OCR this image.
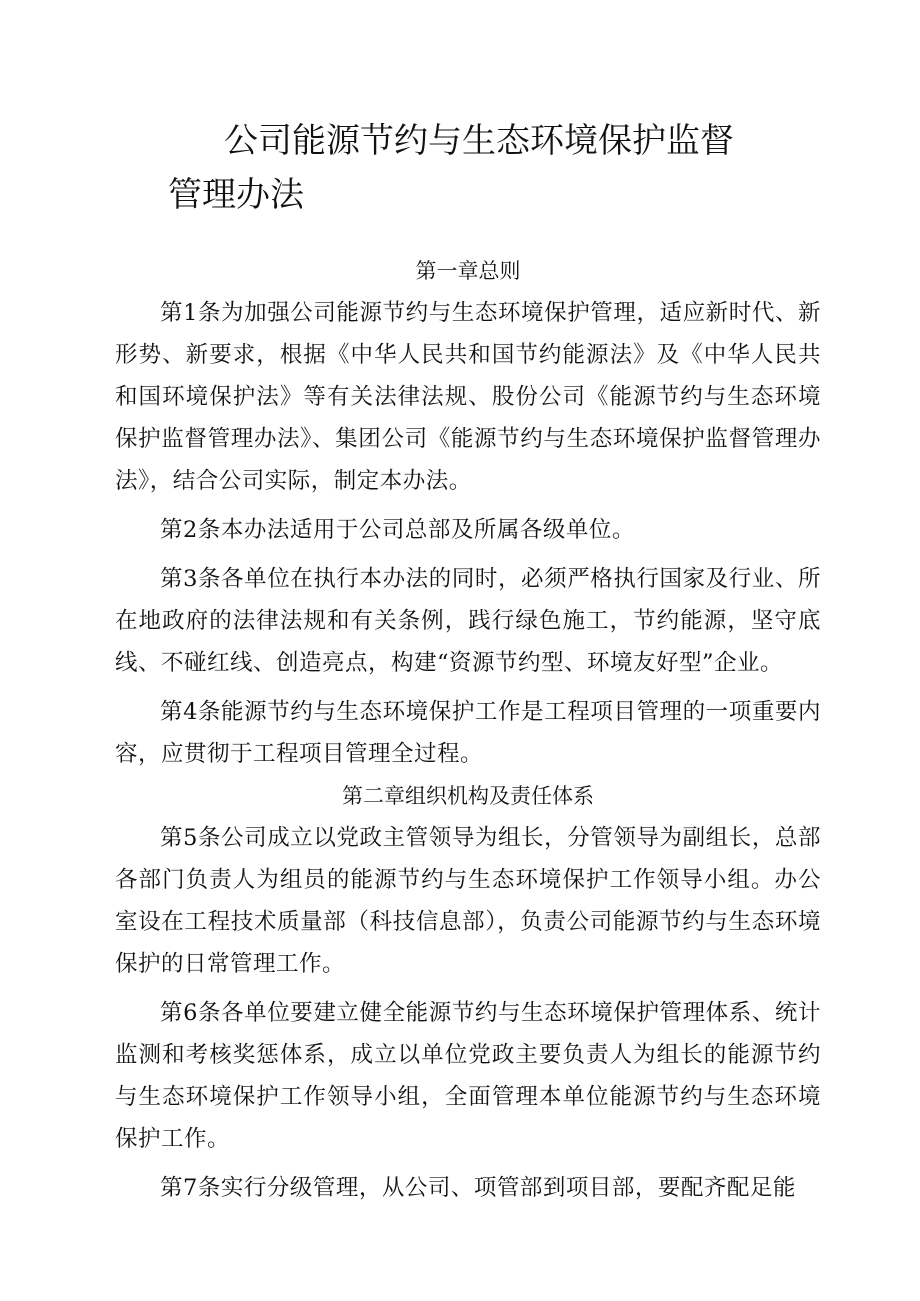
公司能源节约与生态环境保护监督
管理办法
第一章总则

第1条为加强公司能源节约与生态环境保护管理，适应新时代、新形势、新要求，根据《中华人民共和国节约能源法》及《中华人民共和国环境保护法》等有关法律法规、股份公司《能源节约与生态环境保护监督管理办法》、集团公司《能源节约与生态环境保护监督管理办法》，结合公司实际，制定本办法。

第2条本办法适用于公司总部及所属各级单位。

第3条各单位在执行本办法的同时，必须严格执行国家及行业、所在地政府的法律法规和有关条例，践行绿色施工，节约能源，坚守底线、不碰红线、创造亮点，构建“资源节约型、环境友好型”企业。

第4条能源节约与生态环境保护工作是工程项目管理的一项重要内容，应贯彻于工程项目管理全过程。

第二章组织机构及责任体系

第5条公司成立以党政主管领导为组长，分管领导为副组长，总部各部门负责人为组员的能源节约与生态环境保护工作领导小组。办公室设在工程技术质量部（科技信息部），负责公司能源节约与生态环境保护的日常管理工作。

第6条各单位要建立健全能源节约与生态环境保护管理体系、统计监测和考核奖惩体系，成立以单位党政主要负责人为组长的能源节约与生态环境保护工作领导小组，全面管理本单位能源节约与生态环境保护工作。

第7条实行分级管理，从公司、项管部到项目部，要配齐配足能
